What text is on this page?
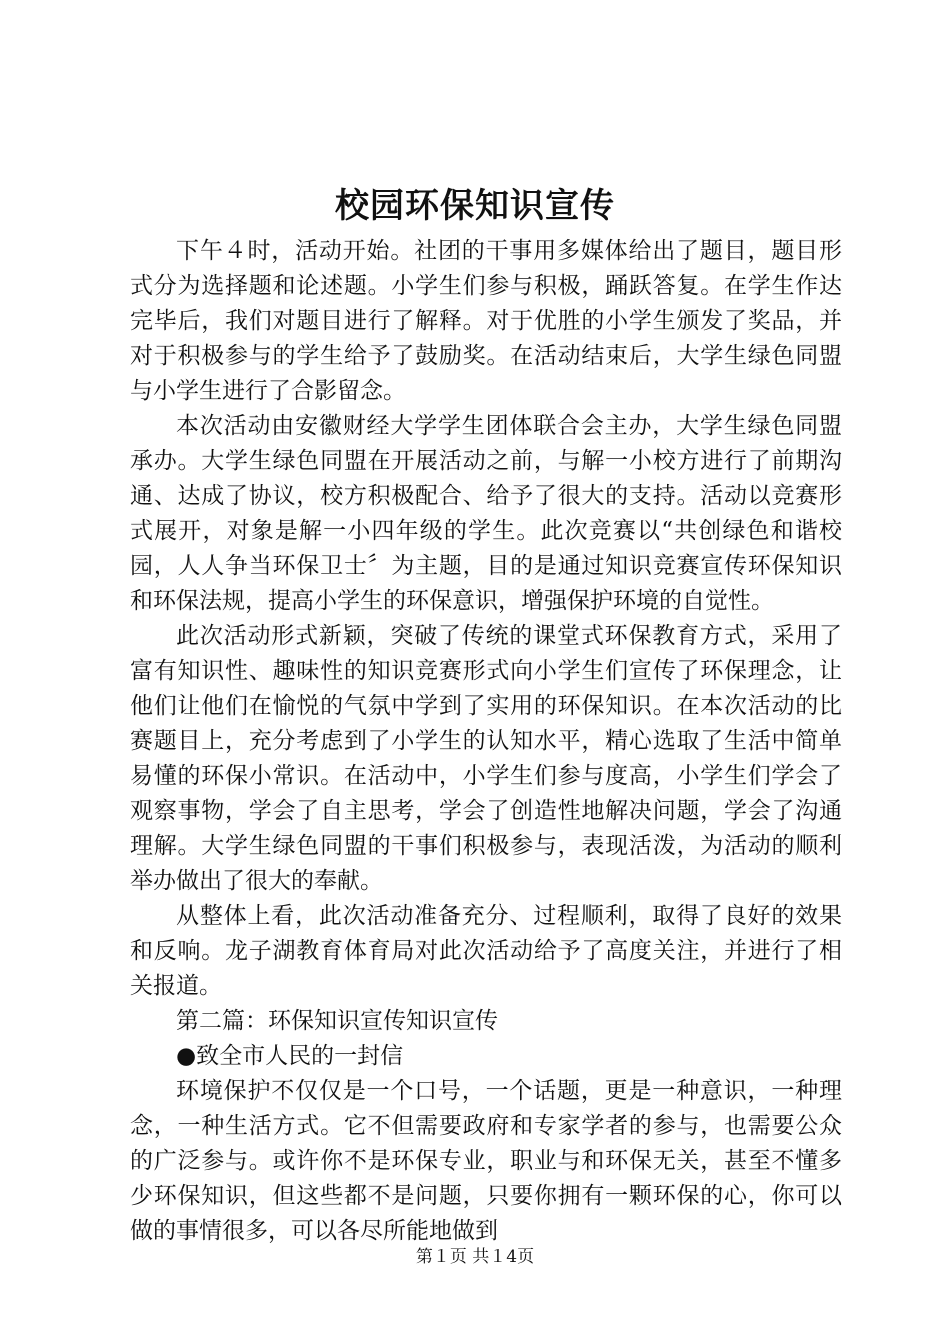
校园环保知识宣传

下午４时，活动开始。社团的干事用多媒体给出了题目，题目形式分为选择题和论述题。小学生们参与积极，踊跃答复。在学生作达完毕后，我们对题目进行了解释。对于优胜的小学生颁发了奖品，并对于积极参与的学生给予了鼓励奖。在活动结束后，大学生绿色同盟与小学生进行了合影留念。

本次活动由安徽财经大学学生团体联合会主办，大学生绿色同盟承办。大学生绿色同盟在开展活动之前，与解一小校方进行了前期沟通、达成了协议，校方积极配合、给予了很大的支持。活动以竞赛形式展开，对象是解一小四年级的学生。此次竞赛以“共创绿色和谐校园，人人争当环保卫士〞为主题，目的是通过知识竞赛宣传环保知识和环保法规，提高小学生的环保意识，增强保护环境的自觉性。

此次活动形式新颖，突破了传统的课堂式环保教育方式，采用了富有知识性、趣味性的知识竞赛形式向小学生们宣传了环保理念，让他们让他们在愉悦的气氛中学到了实用的环保知识。在本次活动的比赛题目上，充分考虑到了小学生的认知水平，精心选取了生活中简单易懂的环保小常识。在活动中，小学生们参与度高，小学生们学会了观察事物，学会了自主思考，学会了创造性地解决问题，学会了沟通理解。大学生绿色同盟的干事们积极参与，表现活泼，为活动的顺利举办做出了很大的奉献。

从整体上看，此次活动准备充分、过程顺利，取得了良好的效果和反响。龙子湖教育体育局对此次活动给予了高度关注，并进行了相关报道。

第二篇：环保知识宣传知识宣传

●致全市人民的一封信

环境保护不仅仅是一个口号，一个话题，更是一种意识，一种理念，一种生活方式。它不但需要政府和专家学者的参与，也需要公众的广泛参与。或许你不是环保专业，职业与和环保无关，甚至不懂多少环保知识，但这些都不是问题，只要你拥有一颗环保的心，你可以做的事情很多，可以各尽所能地做到

第１页 共１4页
